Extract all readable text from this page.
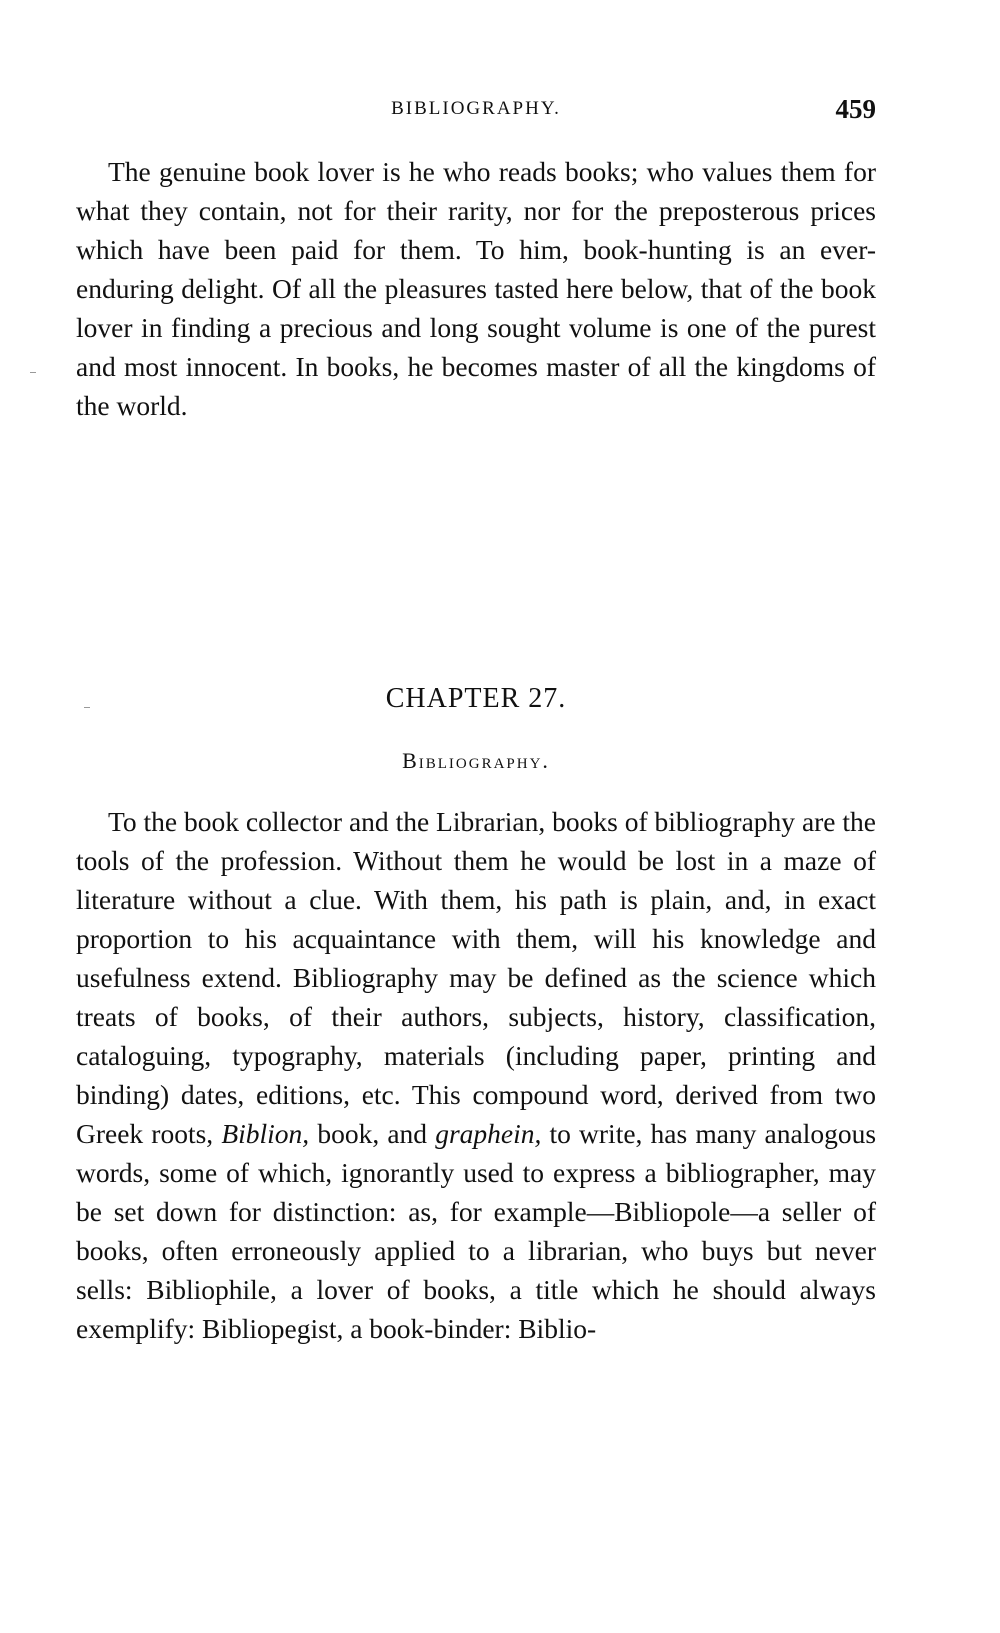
BIBLIOGRAPHY.	459

The genuine book lover is he who reads books; who values them for what they contain, not for their rarity, nor for the preposterous prices which have been paid for them. To him, book-hunting is an ever-enduring delight. Of all the pleasures tasted here below, that of the book lover in finding a precious and long sought volume is one of the purest and most innocent. In books, he becomes master of all the kingdoms of the world.

CHAPTER 27.
Bibliography.

To the book collector and the Librarian, books of bibliography are the tools of the profession. Without them he would be lost in a maze of literature without a clue. With them, his path is plain, and, in exact proportion to his acquaintance with them, will his knowledge and usefulness extend. Bibliography may be defined as the science which treats of books, of their authors, subjects, history, classification, cataloguing, typography, materials (including paper, printing and binding) dates, editions, etc. This compound word, derived from two Greek roots, Biblion, book, and graphein, to write, has many analogous words, some of which, ignorantly used to express a bibliographer, may be set down for distinction: as, for example—Bibliopole—a seller of books, often erroneously applied to a librarian, who buys but never sells: Bibliophile, a lover of books, a title which he should always exemplify: Bibliopegist, a book-binder: Biblio-
